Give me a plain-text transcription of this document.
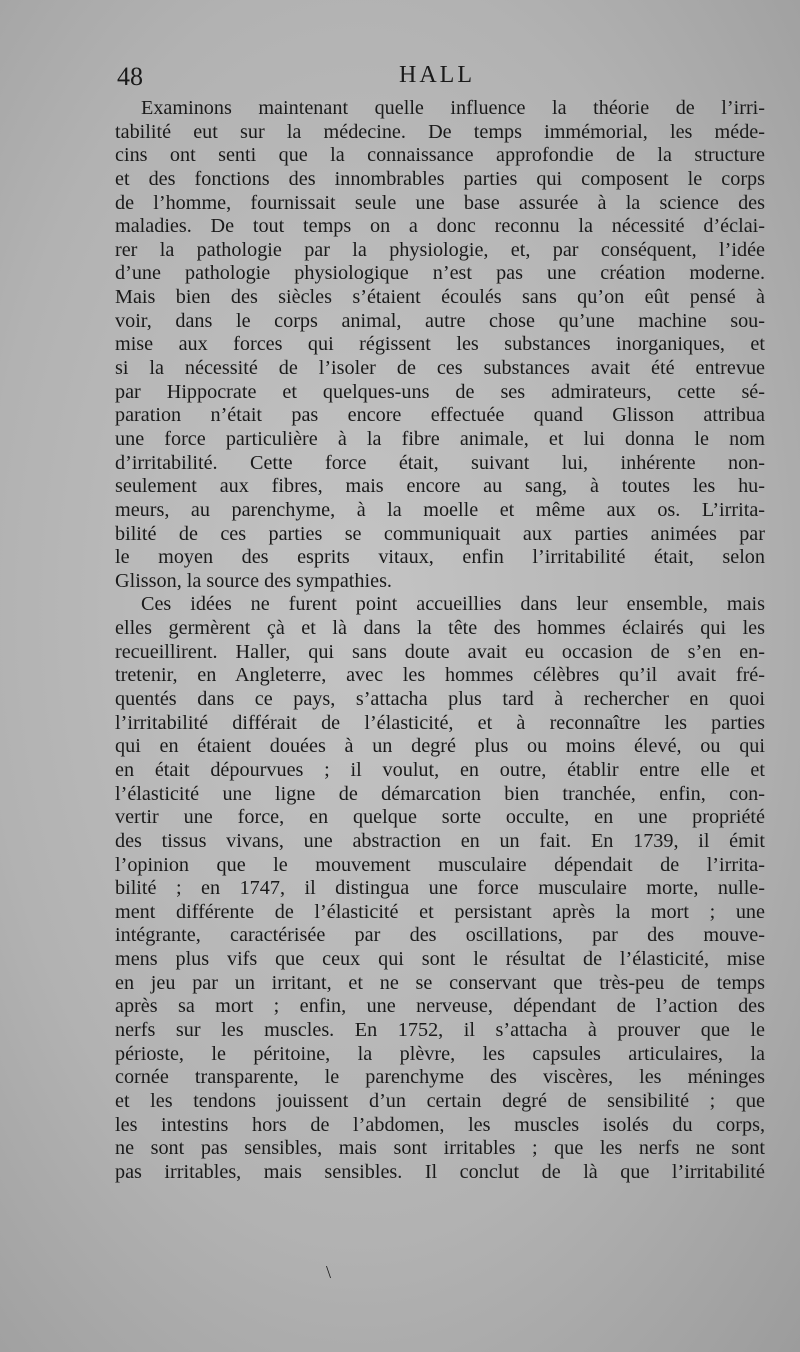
48	HALL
Examinons maintenant quelle influence la théorie de l’irri-
tabilité eut sur la médecine. De temps immémorial, les méde-
cins ont senti que la connaissance approfondie de la structure
et des fonctions des innombrables parties qui composent le corps
de l’homme, fournissait seule une base assurée à la science des
maladies. De tout temps on a donc reconnu la nécessité d’éclai-
rer la pathologie par la physiologie, et, par conséquent, l’idée
d’une pathologie physiologique n’est pas une création moderne.
Mais bien des siècles s’étaient écoulés sans qu’on eût pensé à
voir, dans le corps animal, autre chose qu’une machine sou-
mise aux forces qui régissent les substances inorganiques, et
si la nécessité de l’isoler de ces substances avait été entrevue
par Hippocrate et quelques-uns de ses admirateurs, cette sé-
paration n’était pas encore effectuée quand Glisson attribua
une force particulière à la fibre animale, et lui donna le nom
d’irritabilité. Cette force était, suivant lui, inhérente non-
seulement aux fibres, mais encore au sang, à toutes les hu-
meurs, au parenchyme, à la moelle et même aux os. L’irrita-
bilité de ces parties se communiquait aux parties animées par
le moyen des esprits vitaux, enfin l’irritabilité était, selon
Glisson, la source des sympathies.
Ces idées ne furent point accueillies dans leur ensemble, mais
elles germèrent çà et là dans la tête des hommes éclairés qui les
recueillirent. Haller, qui sans doute avait eu occasion de s’en en-
tretenir, en Angleterre, avec les hommes célèbres qu’il avait fré-
quentés dans ce pays, s’attacha plus tard à rechercher en quoi
l’irritabilité différait de l’élasticité, et à reconnaître les parties
qui en étaient douées à un degré plus ou moins élevé, ou qui
en était dépourvues ; il voulut, en outre, établir entre elle et
l’élasticité une ligne de démarcation bien tranchée, enfin, con-
vertir une force, en quelque sorte occulte, en une propriété
des tissus vivans, une abstraction en un fait. En 1739, il émit
l’opinion que le mouvement musculaire dépendait de l’irrita-
bilité ; en 1747, il distingua une force musculaire morte, nulle-
ment différente de l’élasticité et persistant après la mort ; une
intégrante, caractérisée par des oscillations, par des mouve-
mens plus vifs que ceux qui sont le résultat de l’élasticité, mise
en jeu par un irritant, et ne se conservant que très-peu de temps
après sa mort ; enfin, une nerveuse, dépendant de l’action des
nerfs sur les muscles. En 1752, il s’attacha à prouver que le
périoste, le péritoine, la plèvre, les capsules articulaires, la
cornée transparente, le parenchyme des viscères, les méninges
et les tendons jouissent d’un certain degré de sensibilité ; que
les intestins hors de l’abdomen, les muscles isolés du corps,
ne sont pas sensibles, mais sont irritables ; que les nerfs ne sont
pas irritables, mais sensibles. Il conclut de là que l’irritabilité
\
